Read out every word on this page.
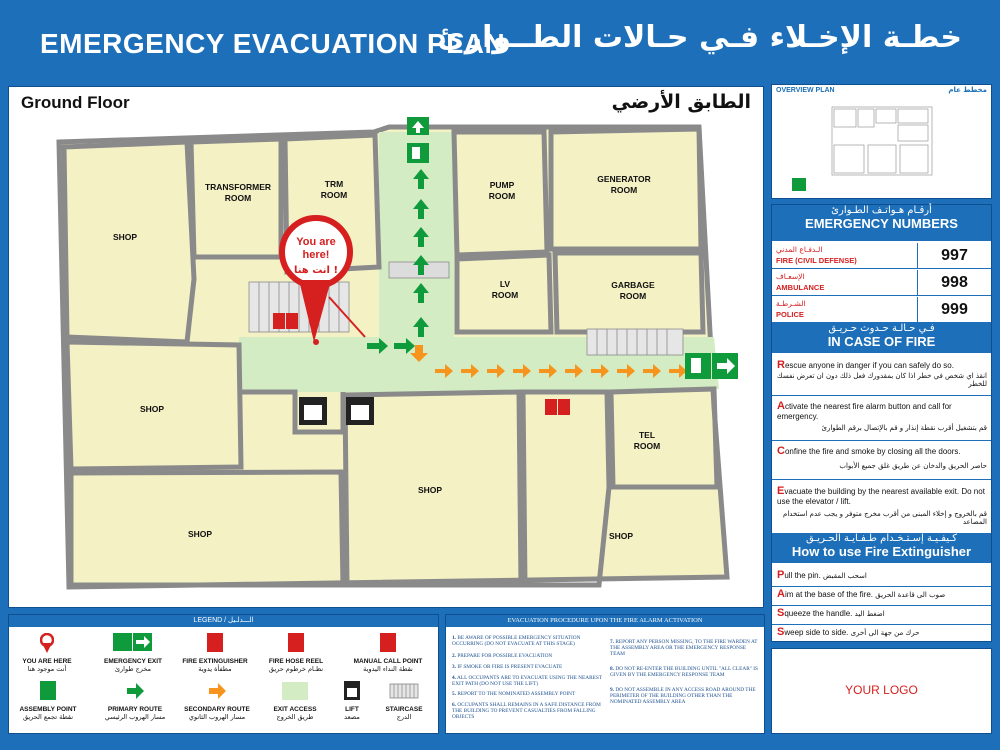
EMERGENCY EVACUATION PLAN
خطـة الإخـلاء فـي حـالات الطــوارئ
Ground Floor	الطابق الأرضي
TRANSFORMER
ROOM
TRM
ROOM
PUMP
ROOM
GENERATOR
ROOM
SHOP
LV
ROOM
GARBAGE
ROOM
SHOP
TEL
ROOM
SHOP
SHOP	SHOP
You are
here!
انت هنا !
OVERVIEW PLAN	مخطط عام
أرقـام هـواتـف الطـوارئ
EMERGENCY NUMBERS
الـدفـاع المدني
FIRE (CIVIL DEFENSE)	997
الإسعـاف
AMBULANCE	998
الشـرطـة
POLICE	999
فـي حـالـة حـدوث حـريـق
IN CASE OF FIRE
Rescue anyone in danger if you can safely do so.
انقذ اي شخص في خطر اذا كان بمقدورك فعل ذلك دون ان تعرض نفسك للخطر
Activate the nearest fire alarm button and call for emergency.
قم بتشغيل أقرب نقطة إنذار و قم بالإتصال برقم الطوارئ
Confine the fire and smoke by closing all the doors.
حاصر الحريق والدخان عن طريق غلق جميع الأبواب
Evacuate the building by the nearest available exit. Do not use the elevator / lift.
قم بالخروج و إخلاء المبنى من أقرب مخرج متوفر و يجب عدم استخدام المصاعد
كـيفـيـة إسـتـخـدام طـفـايـة الحـريـق
How to use Fire Extinguisher
Pull the pin. اسحب المقبض
Aim at the base of the fire. صوب الى قاعدة الحريق
Squeeze the handle. اضغط اليد
Sweep side to side. حرك من جهة الى أخرى
YOUR LOGO
LEGEND / الـــدلـيل
YOU ARE HERE
أنت موجود هنا
EMERGENCY EXIT
مخرج طوارئ
FIRE EXTINGUISHER
مطفأة يدوية
FIRE HOSE REEL
نظـام خرطوم حريق
MANUAL CALL POINT
نقطة النداء اليدوية
ASSEMBLY POINT
نقطة تجمع الحريق
PRIMARY ROUTE
مسار الهروب الرئيسي
SECONDARY ROUTE
مسار الهروب الثانوي
EXIT ACCESS
طريق الخروج
LIFT
مصعد
STAIRCASE
الدرج
EVACUATION PROCEDURE UPON THE FIRE ALARM ACTIVATION
1. BE AWARE OF POSSIBLE EMERGENCY SITUATION OCCURRING (DO NOT EVACUATE AT THIS STAGE)
2. PREPARE FOR POSSIBLE EVACUATION
3. IF SMOKE OR FIRE IS PRESENT EVACUATE
4. ALL OCCUPANTS ARE TO EVACUATE USING THE NEAREST EXIT PATH (DO NOT USE THE LIFT)
5. REPORT TO THE NOMINATED ASSEMBLY POINT
6. OCCUPANTS SHALL REMAINS IN A SAFE DISTANCE FROM THE BUILDING TO PREVENT CASUALTIES FROM FALLING OBJECTS
7. REPORT ANY PERSON MISSING, TO THE FIRE WARDEN AT THE ASSEMBLY AREA OR THE EMERGENCY RESPONSE TEAM
8. DO NOT RE-ENTER THE BUILDING UNTIL "ALL CLEAR" IS GIVEN BY THE EMERGENCY RESPONSE TEAM
9. DO NOT ASSEMBLE IN ANY ACCESS ROAD AROUND THE PERIMETER OF THE BUILDING OTHER THAN THE NOMINATED ASSEMBLY AREA
